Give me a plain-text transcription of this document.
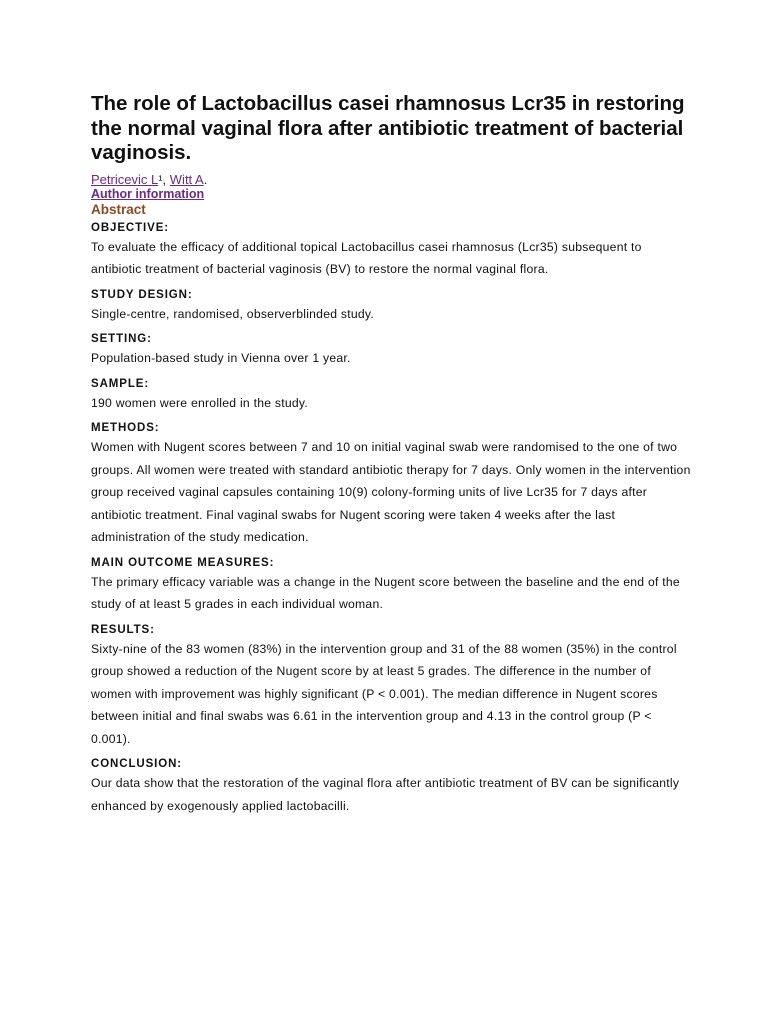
The role of Lactobacillus casei rhamnosus Lcr35 in restoring the normal vaginal flora after antibiotic treatment of bacterial vaginosis.
Petricevic L¹, Witt A.
Author information
Abstract
OBJECTIVE:
To evaluate the efficacy of additional topical Lactobacillus casei rhamnosus (Lcr35) subsequent to antibiotic treatment of bacterial vaginosis (BV) to restore the normal vaginal flora.
STUDY DESIGN:
Single-centre, randomised, observerblinded study.
SETTING:
Population-based study in Vienna over 1 year.
SAMPLE:
190 women were enrolled in the study.
METHODS:
Women with Nugent scores between 7 and 10 on initial vaginal swab were randomised to the one of two groups. All women were treated with standard antibiotic therapy for 7 days. Only women in the intervention group received vaginal capsules containing 10(9) colony-forming units of live Lcr35 for 7 days after antibiotic treatment. Final vaginal swabs for Nugent scoring were taken 4 weeks after the last administration of the study medication.
MAIN OUTCOME MEASURES:
The primary efficacy variable was a change in the Nugent score between the baseline and the end of the study of at least 5 grades in each individual woman.
RESULTS:
Sixty-nine of the 83 women (83%) in the intervention group and 31 of the 88 women (35%) in the control group showed a reduction of the Nugent score by at least 5 grades. The difference in the number of women with improvement was highly significant (P < 0.001). The median difference in Nugent scores between initial and final swabs was 6.61 in the intervention group and 4.13 in the control group (P < 0.001).
CONCLUSION:
Our data show that the restoration of the vaginal flora after antibiotic treatment of BV can be significantly enhanced by exogenously applied lactobacilli.
